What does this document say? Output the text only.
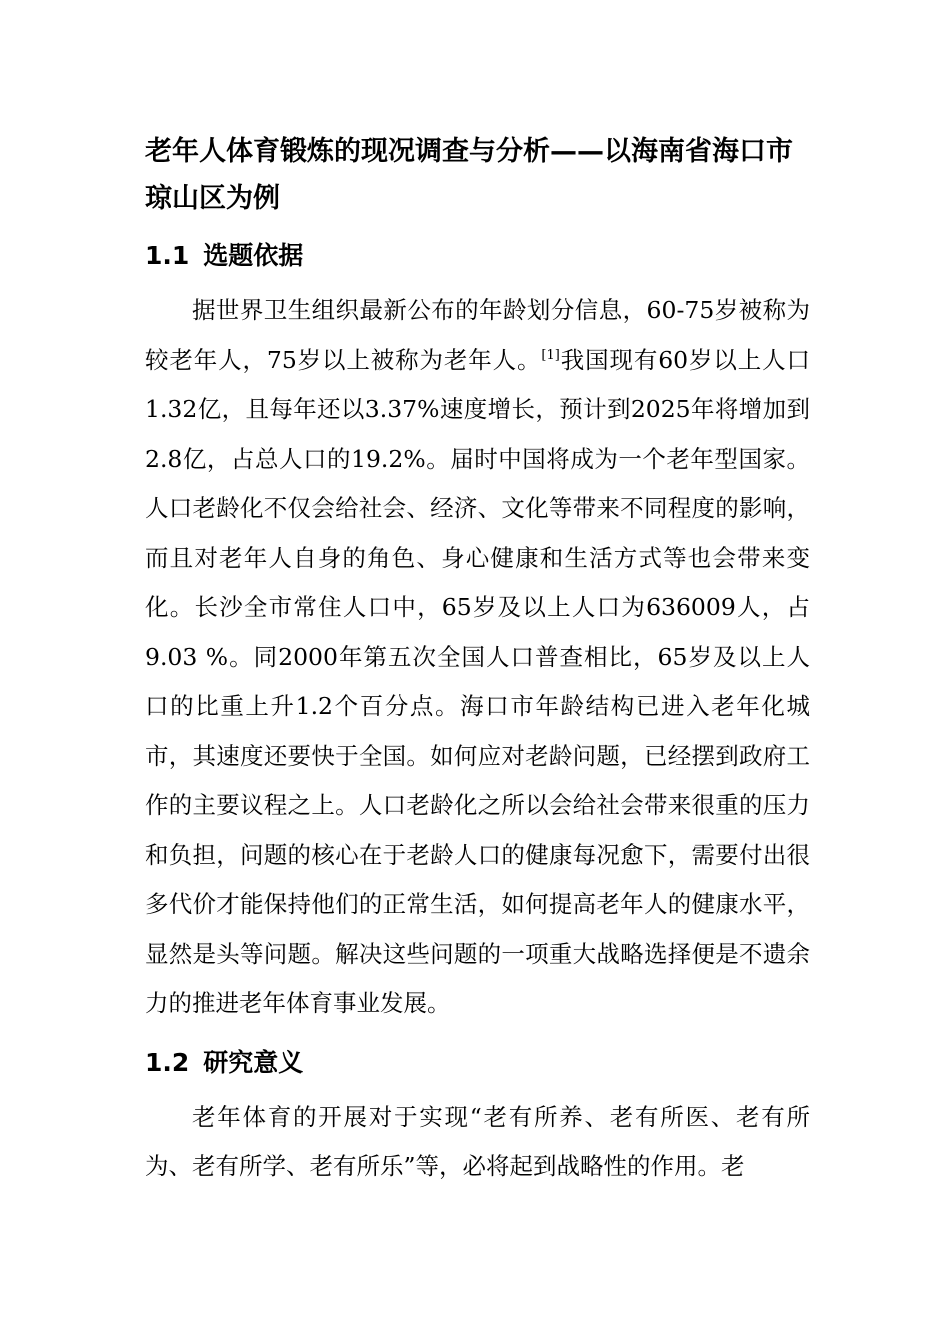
老年人体育锻炼的现况调查与分析——以海南省海口市琼山区为例
1.1 选题依据

据世界卫生组织最新公布的年龄划分信息，60-75岁被称为较老年人，75岁以上被称为老年人。[1]我国现有60岁以上人口1.32亿，且每年还以3.37%速度增长，预计到2025年将增加到2.8亿，占总人口的19.2%。届时中国将成为一个老年型国家。人口老龄化不仅会给社会、经济、文化等带来不同程度的影响，而且对老年人自身的角色、身心健康和生活方式等也会带来变化。长沙全市常住人口中，65岁及以上人口为636009人，占9.03 %。同2000年第五次全国人口普查相比，65岁及以上人口的比重上升1.2个百分点。海口市年龄结构已进入老年化城市，其速度还要快于全国。如何应对老龄问题，已经摆到政府工作的主要议程之上。人口老龄化之所以会给社会带来很重的压力和负担，问题的核心在于老龄人口的健康每况愈下，需要付出很多代价才能保持他们的正常生活，如何提高老年人的健康水平，显然是头等问题。解决这些问题的一项重大战略选择便是不遗余力的推进老年体育事业发展。

1.2 研究意义

老年体育的开展对于实现“老有所养、老有所医、老有所为、老有所学、老有所乐”等，必将起到战略性的作用。老
